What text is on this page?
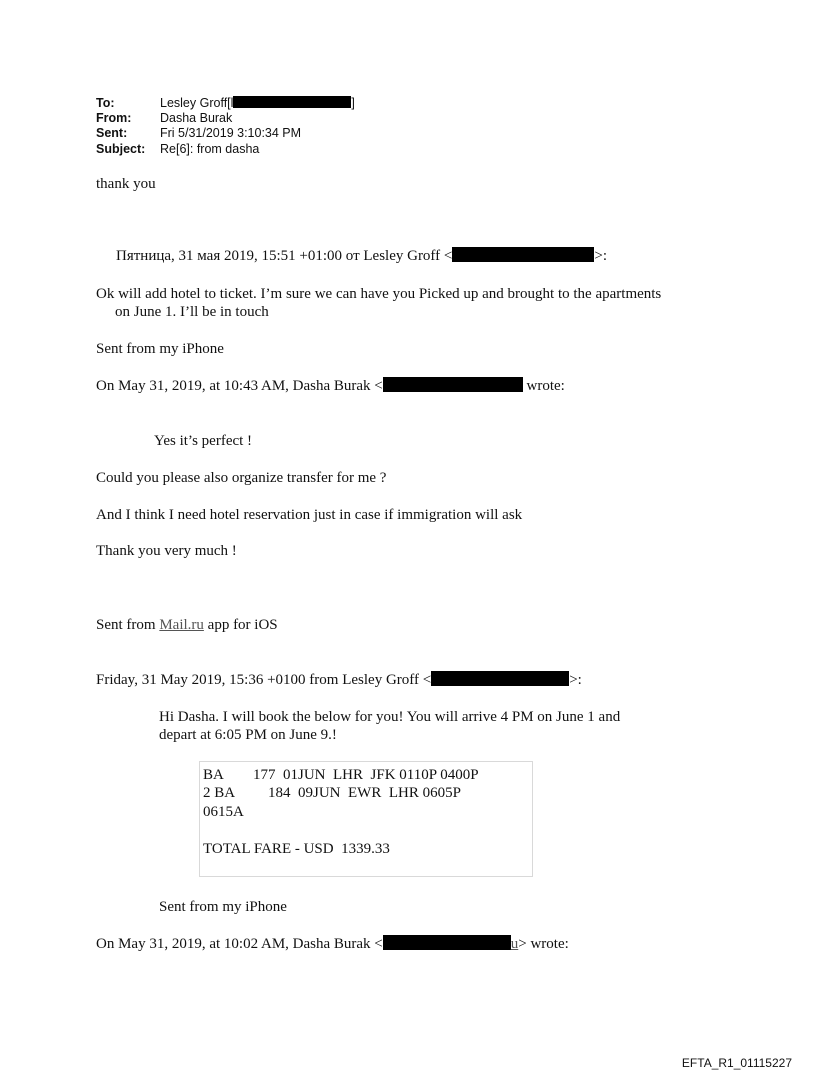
To:	Lesley Groff[l	]
From: Dasha Burak
Sent:	Fri 5/31/2019 3:10:34 PM
Subject: Re[6]: from dasha
thank you
Пятница, 31 мая 2019, 15:51 +01:00 от Lesley Groff <	>:
Ok will add hotel to ticket. I’m sure we can have you Picked up and brought to the apartments
on June 1. I’ll be in touch
Sent from my iPhone
On May 31, 2019, at 10:43 AM, Dasha Burak <	wrote:
Yes it’s perfect !
Could you please also organize transfer for me ?
And I think I need hotel reservation just in case if immigration will ask
Thank you very much !
Sent from Mail.ru app for iOS
Friday, 31 May 2019, 15:36 +0100 from Lesley Groff <	>:
Hi Dasha. I will book the below for you! You will arrive 4 PM on June 1 and
depart at 6:05 PM on June 9.!
BA        177  01JUN  LHR  JFK 0110P 0400P
2 BA         184  09JUN  EWR  LHR 0605P
0615A
TOTAL FARE - USD  1339.33
Sent from my iPhone
On May 31, 2019, at 10:02 AM, Dasha Burak <	u> wrote:
EFTA_R1_01115227
